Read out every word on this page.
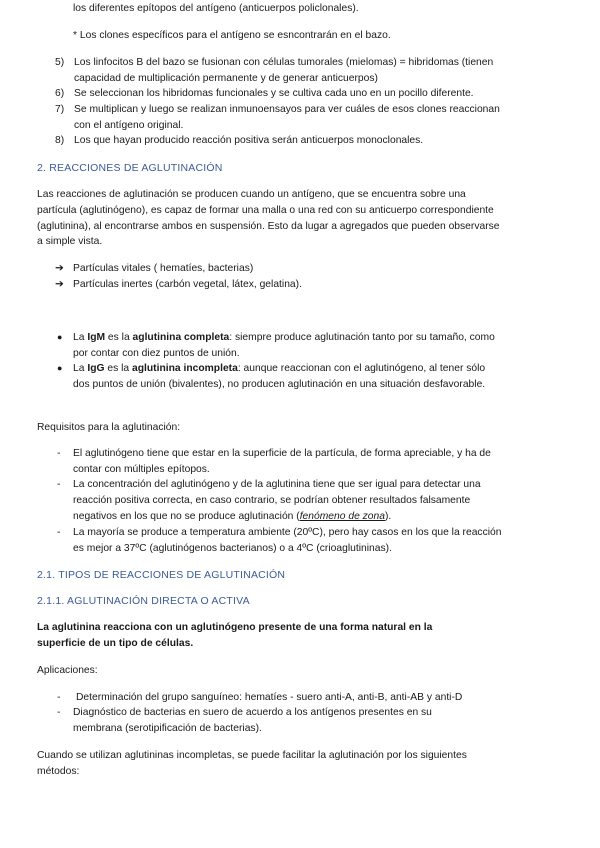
los diferentes epítopos del antígeno (anticuerpos policlonales).
* Los clones específicos para el antígeno se esncontrarán en el bazo.
5) Los linfocitos B del bazo se fusionan con células tumorales (mielomas) = hibridomas (tienen capacidad de multiplicación permanente y de generar anticuerpos)
6) Se seleccionan los hibridomas funcionales y se cultiva cada uno en un pocillo diferente.
7) Se multiplican y luego se realizan inmunoensayos para ver cuáles de esos clones reaccionan con el antígeno original.
8) Los que hayan producido reacción positiva serán anticuerpos monoclonales.
2. REACCIONES DE AGLUTINACIÓN
Las reacciones de aglutinación se producen cuando un antígeno, que se encuentra sobre una partícula (aglutinógeno), es capaz de formar una malla o una red con su anticuerpo correspondiente (aglutinina), al encontrarse ambos en suspensión. Esto da lugar a agregados que pueden observarse a simple vista.
➔ Partículas vitales ( hematíes, bacterias)
➔ Partículas inertes (carbón vegetal, látex, gelatina).
● La IgM es la aglutinina completa: siempre produce aglutinación tanto por su tamaño, como por contar con diez puntos de unión.
● La IgG es la aglutinina incompleta: aunque reaccionan con el aglutinógeno, al tener sólo dos puntos de unión (bivalentes), no producen aglutinación en una situación desfavorable.
Requisitos para la aglutinación:
- El aglutinógeno tiene que estar en la superficie de la partícula, de forma apreciable, y ha de contar con múltiples epítopos.
- La concentración del aglutinógeno y de la aglutinina tiene que ser igual para detectar una reacción positiva correcta, en caso contrario, se podrían obtener resultados falsamente negativos en los que no se produce aglutinación (fenómeno de zona).
- La mayoría se produce a temperatura ambiente (20ºC), pero hay casos en los que la reacción es mejor a 37ºC (aglutinógenos bacterianos) o a 4ºC (crioaglutininas).
2.1. TIPOS DE REACCIONES DE AGLUTINACIÓN
2.1.1. AGLUTINACIÓN DIRECTA O ACTIVA
La aglutinina reacciona con un aglutinógeno presente de una forma natural en la superficie de un tipo de células.
Aplicaciones:
- Determinación del grupo sanguíneo: hematíes - suero anti-A, anti-B, anti-AB y anti-D
- Diagnóstico de bacterias en suero de acuerdo a los antígenos presentes en su membrana (serotipificación de bacterias).
Cuando se utilizan aglutininas incompletas, se puede facilitar la aglutinación por los siguientes métodos:
